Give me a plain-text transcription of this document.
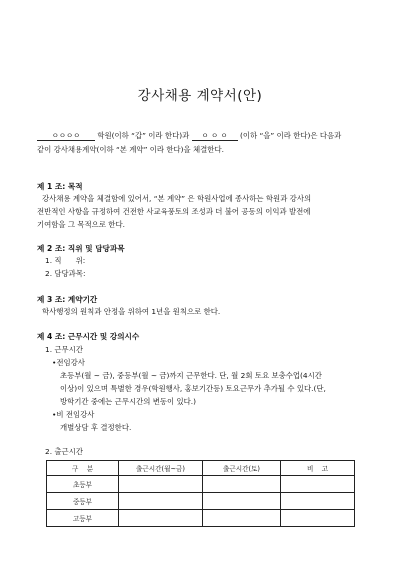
강사채용 계약서(안)
ㅇㅇㅇㅇ 학원(이하 “갑” 이라 한다)과 ㅇ ㅇ ㅇ (이하 “을” 이라 한다)은 다음과
같이 강사채용계약(이하 “본 계약” 이라 한다)을 체결한다.
제 1 조: 목적
강사채용 계약을 체결함에 있어서, “본 계약” 은 학원사업에 종사하는 학원과 강사의
전반적인 사항을 규정하여 건전한 사교육풍토의 조성과 더 불어 공동의 이익과 발전에
기여함을 그 목적으로 한다.
제 2 조: 직위 및 담당과목
1. 직      위:
2. 담당과목:
제 3 조: 계약기간
학사행정의 원칙과 안정을 위하여 1년을 원칙으로 한다.
제 4 조: 근무시간 및 강의시수
1. 근무시간
•전임강사
초등부(월 ~ 금), 중등부(월 ~ 금)까지 근무한다. 단, 월 2회 토요 보충수업(4시간
이상)이 있으며 특별한 경우(학원행사, 홍보기간등) 토요근무가 추가될 수 있다.(단,
방학기간 중에는 근무시간의 변동이 있다.)
•비 전임강사
개별상담 후 결정한다.
2. 출근시간
구    분	출근시간(월~금)	출근시간(토)	비    고
초등부			
중등부			
고등부			
